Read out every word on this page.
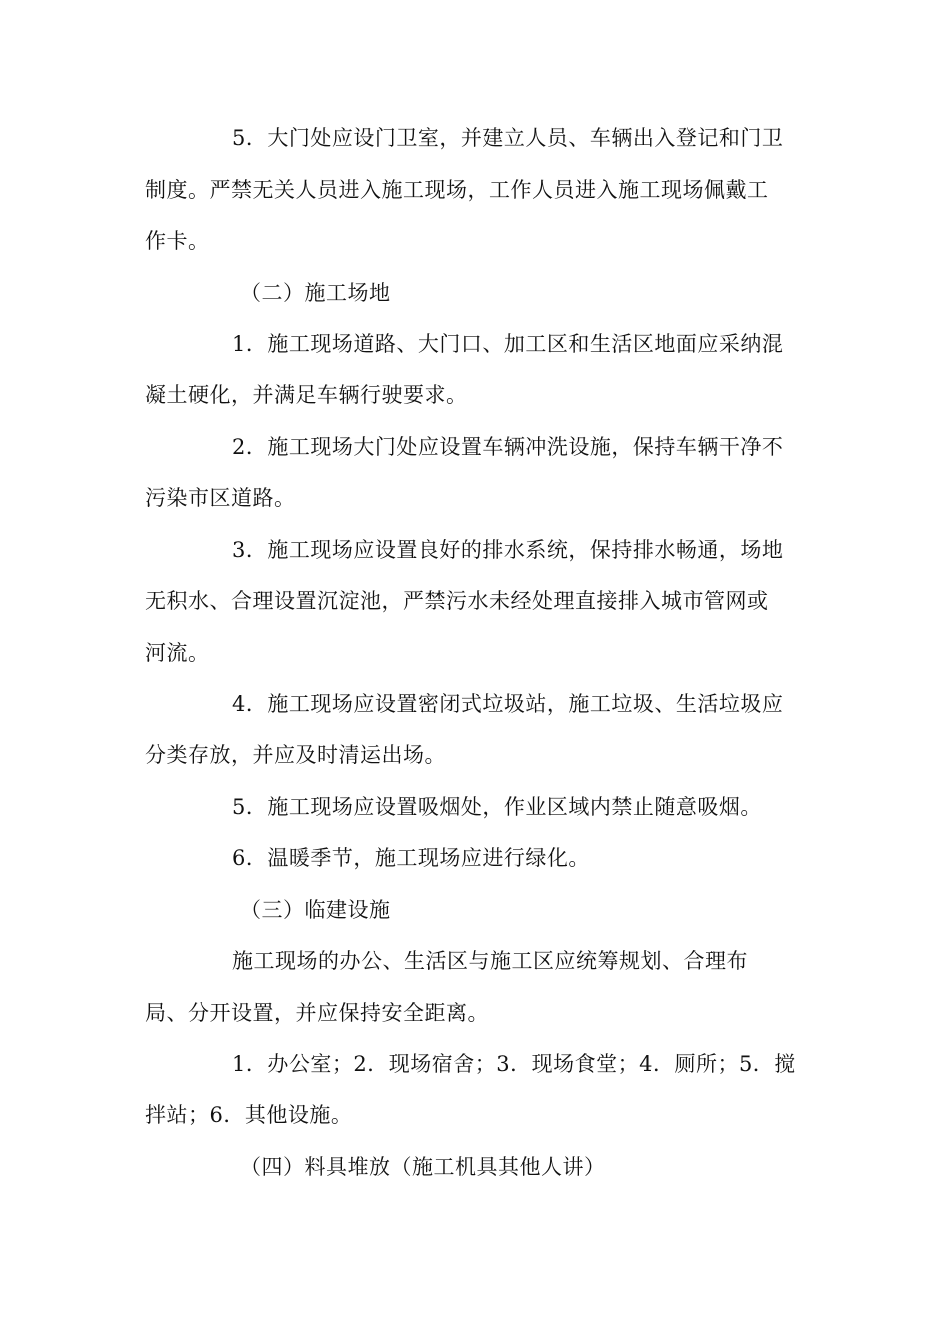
5．大门处应设门卫室，并建立人员、车辆出入登记和门卫
制度。严禁无关人员进入施工现场，工作人员进入施工现场佩戴工
作卡。
（二）施工场地
1．施工现场道路、大门口、加工区和生活区地面应采纳混
凝土硬化，并满足车辆行驶要求。
2．施工现场大门处应设置车辆冲洗设施，保持车辆干净不
污染市区道路。
3．施工现场应设置良好的排水系统，保持排水畅通，场地
无积水、合理设置沉淀池，严禁污水未经处理直接排入城市管网或
河流。
4．施工现场应设置密闭式垃圾站，施工垃圾、生活垃圾应
分类存放，并应及时清运出场。
5．施工现场应设置吸烟处，作业区域内禁止随意吸烟。
6．温暖季节，施工现场应进行绿化。
（三）临建设施
施工现场的办公、生活区与施工区应统筹规划、合理布
局、分开设置，并应保持安全距离。
1．办公室；2．现场宿舍；3．现场食堂；4．厕所；5．搅
拌站；6．其他设施。
（四）料具堆放（施工机具其他人讲）
